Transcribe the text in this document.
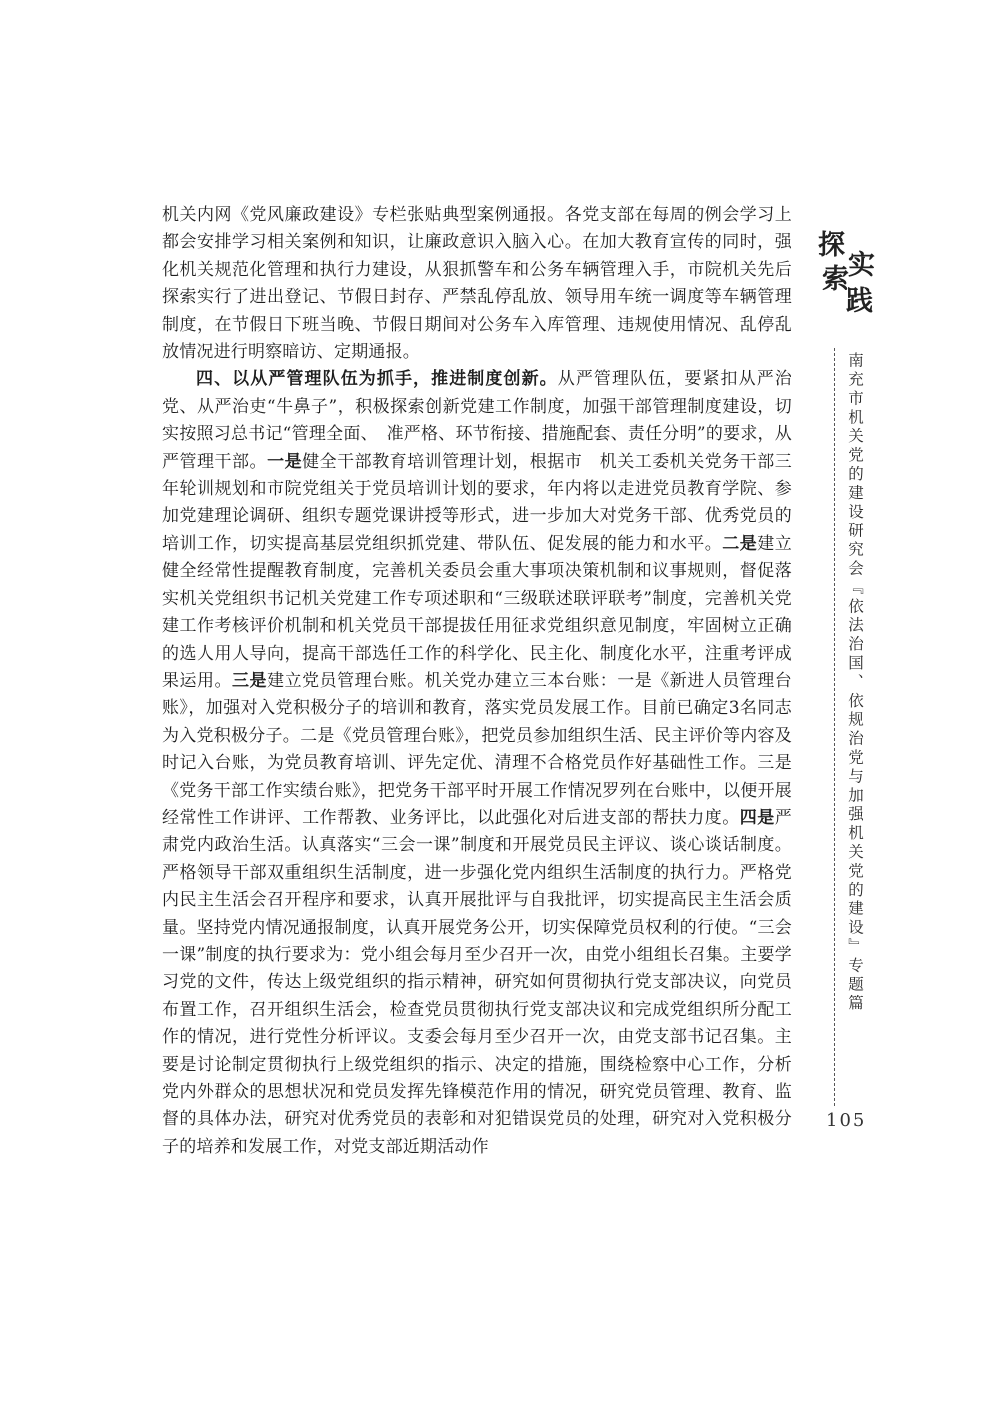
机关内网《党风廉政建设》专栏张贴典型案例通报。各党支部在每周的例会学习上都会安排学习相关案例和知识，让廉政意识入脑入心。在加大教育宣传的同时，强化机关规范化管理和执行力建设，从狠抓警车和公务车辆管理入手，市院机关先后探索实行了进出登记、节假日封存、严禁乱停乱放、领导用车统一调度等车辆管理制度，在节假日下班当晚、节假日期间对公务车入库管理、违规使用情况、乱停乱放情况进行明察暗访、定期通报。

四、以从严管理队伍为抓手，推进制度创新。从严管理队伍，要紧扣从严治党、从严治吏“牛鼻子”，积极探索创新党建工作制度，加强干部管理制度建设，切实按照习总书记“管理全面、　准严格、环节衔接、措施配套、责任分明”的要求，从严管理干部。一是健全干部教育培训管理计划，根据市　机关工委机关党务干部三年轮训规划和市院党组关于党员培训计划的要求，年内将以走进党员教育学院、参加党建理论调研、组织专题党课讲授等形式，进一步加大对党务干部、优秀党员的培训工作，切实提高基层党组织抓党建、带队伍、促发展的能力和水平。二是建立健全经常性提醒教育制度，完善机关委员会重大事项决策机制和议事规则，督促落实机关党组织书记机关党建工作专项述职和“三级联述联评联考”制度，完善机关党建工作考核评价机制和机关党员干部提拔任用征求党组织意见制度，牢固树立正确的选人用人导向，提高干部选任工作的科学化、民主化、制度化水平，注重考评成果运用。三是建立党员管理台账。机关党办建立三本台账：一是《新进人员管理台账》，加强对入党积极分子的培训和教育，落实党员发展工作。目前已确定3名同志为入党积极分子。二是《党员管理台账》，把党员参加组织生活、民主评价等内容及时记入台账，为党员教育培训、评先定优、清理不合格党员作好基础性工作。三是《党务干部工作实绩台账》，把党务干部平时开展工作情况罗列在台账中，以便开展经常性工作讲评、工作帮教、业务评比，以此强化对后进支部的帮扶力度。四是严肃党内政治生活。认真落实“三会一课”制度和开展党员民主评议、谈心谈话制度。严格领导干部双重组织生活制度，进一步强化党内组织生活制度的执行力。严格党内民主生活会召开程序和要求，认真开展批评与自我批评，切实提高民主生活会质量。坚持党内情况通报制度，认真开展党务公开，切实保障党员权利的行使。“三会一课”制度的执行要求为：党小组会每月至少召开一次，由党小组组长召集。主要学习党的文件，传达上级党组织的指示精神，研究如何贯彻执行党支部决议，向党员布置工作，召开组织生活会，检查党员贯彻执行党支部决议和完成党组织所分配工作的情况，进行党性分析评议。支委会每月至少召开一次，由党支部书记召集。主要是讨论制定贯彻执行上级党组织的指示、决定的措施，围绕检察中心工作，分析党内外群众的思想状况和党员发挥先锋模范作用的情况，研究党员管理、教育、监督的具体办法，研究对优秀党员的表彰和对犯错误党员的处理，研究对入党积极分子的培养和发展工作，对党支部近期活动作

探
索 实
践
南充市机关党的建设研究会『依法治国、依规治党与加强机关党的建设』专题篇
105
